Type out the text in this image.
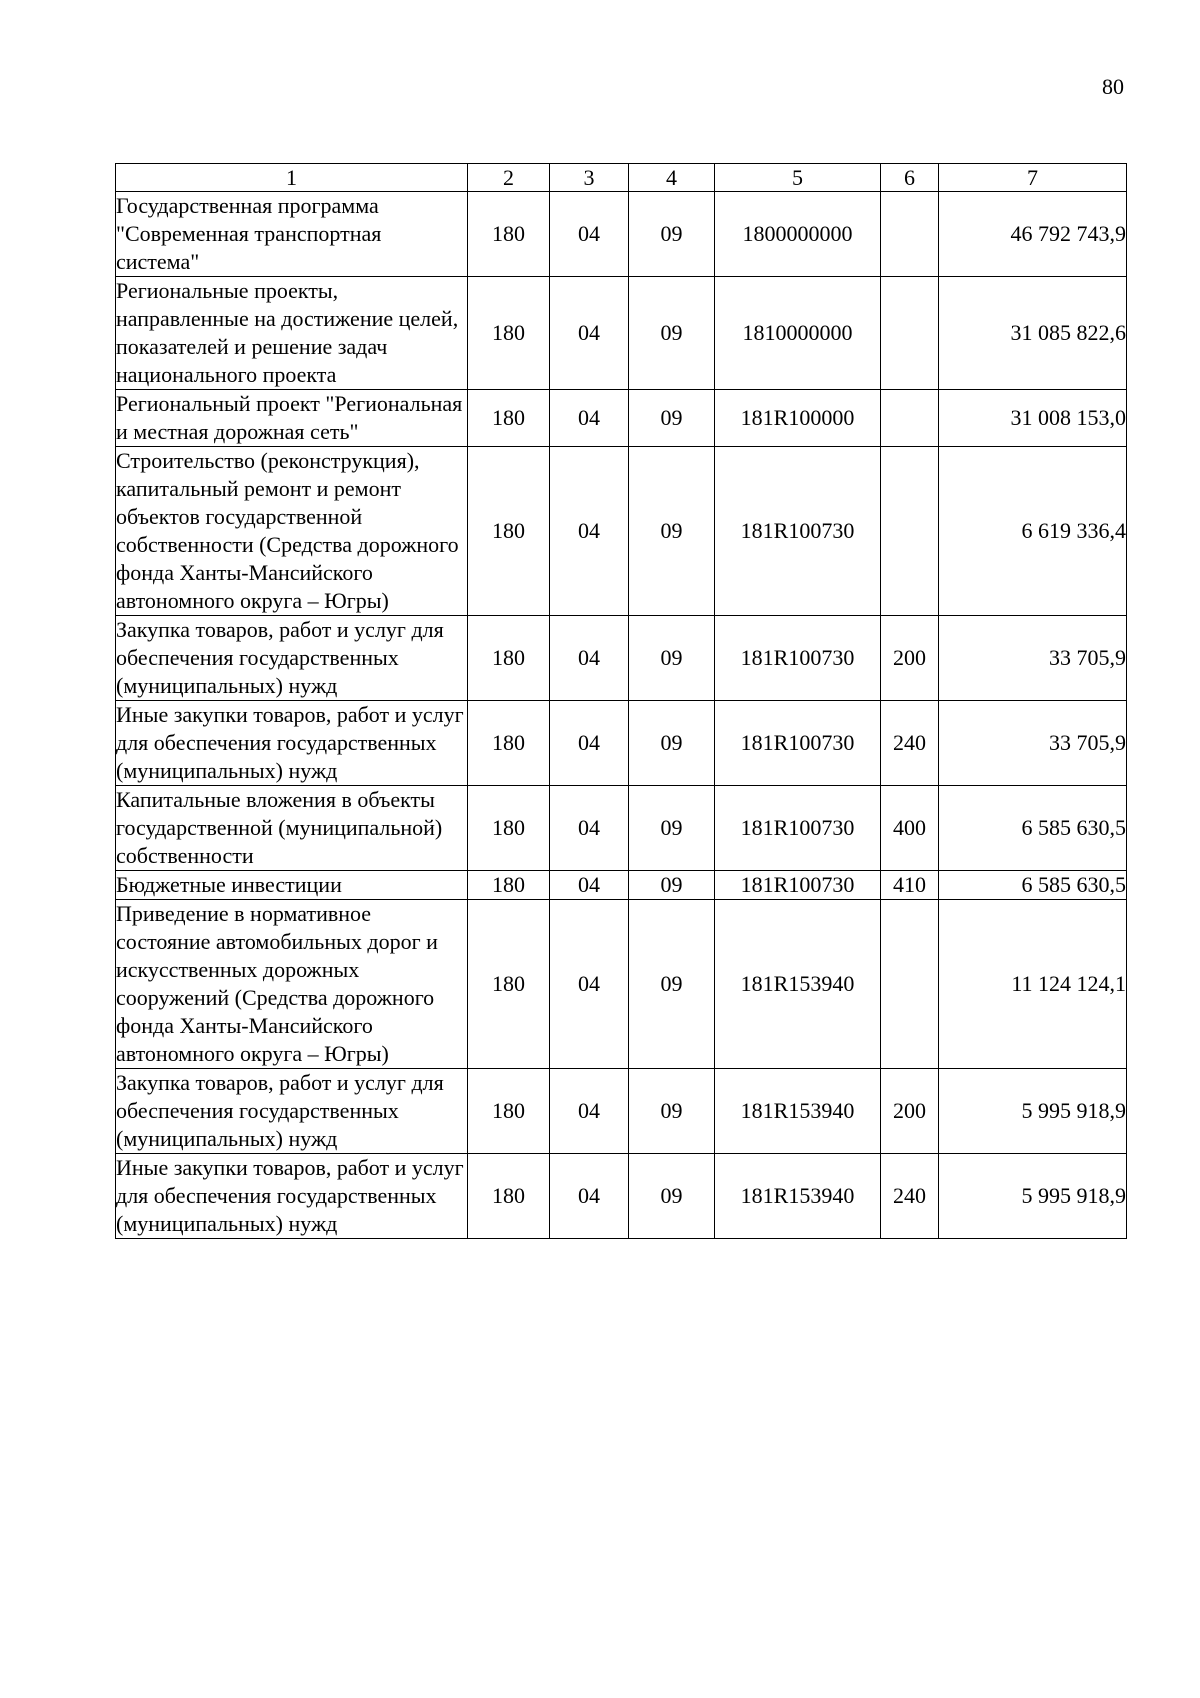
80
1	2	3	4	5	6	7
Государственная программа "Современная транспортная система"	180	04	09	1800000000		46 792 743,9
Региональные проекты, направленные на достижение целей, показателей и решение задач национального проекта	180	04	09	1810000000		31 085 822,6
Региональный проект "Региональная и местная дорожная сеть"	180	04	09	181R100000		31 008 153,0
Строительство (реконструкция), капитальный ремонт и ремонт объектов государственной собственности (Средства дорожного фонда Ханты-Мансийского автономного округа – Югры)	180	04	09	181R100730		6 619 336,4
Закупка товаров, работ и услуг для обеспечения государственных (муниципальных) нужд	180	04	09	181R100730	200	33 705,9
Иные закупки товаров, работ и услуг для обеспечения государственных (муниципальных) нужд	180	04	09	181R100730	240	33 705,9
Капитальные вложения в объекты государственной (муниципальной) собственности	180	04	09	181R100730	400	6 585 630,5
Бюджетные инвестиции	180	04	09	181R100730	410	6 585 630,5
Приведение в нормативное состояние автомобильных дорог и искусственных дорожных сооружений (Средства дорожного фонда Ханты-Мансийского автономного округа – Югры)	180	04	09	181R153940		11 124 124,1
Закупка товаров, работ и услуг для обеспечения государственных (муниципальных) нужд	180	04	09	181R153940	200	5 995 918,9
Иные закупки товаров, работ и услуг для обеспечения государственных (муниципальных) нужд	180	04	09	181R153940	240	5 995 918,9
